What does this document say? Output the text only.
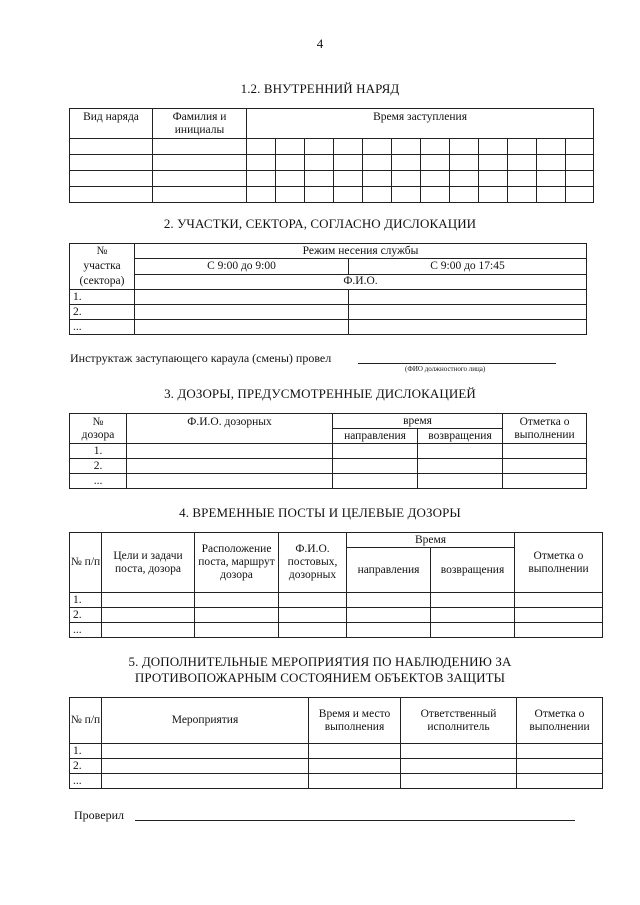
4
1.2. ВНУТРЕННИЙ НАРЯД
Вид наряда	Фамилия и инициалы	Время заступления											

2. УЧАСТКИ, СЕКТОРА, СОГЛАСНО ДИСЛОКАЦИИ
№
участка
(сектора)	Режим несения службы	
	С 9:00 до 9:00	С 9:00 до 17:45
	Ф.И.О.	
1.		
2.		
...		
Инструктаж заступающего караула (смены) провел
(ФИО должностного лица)
3. ДОЗОРЫ, ПРЕДУСМОТРЕННЫЕ ДИСЛОКАЦИЕЙ
№
дозора	Ф.И.О. дозорных	время		Отметка о выполнении
		направления	возвращения	
1.				
2.				
...				
4. ВРЕМЕННЫЕ ПОСТЫ И ЦЕЛЕВЫЕ ДОЗОРЫ
№ п/п	Цели и задачи поста, дозора	Расположение поста, маршрут дозора	Ф.И.О. постовых, дозорных	Время		Отметка о выполнении
				направления	возвращения	
1.						
2.						
...						
5. ДОПОЛНИТЕЛЬНЫЕ МЕРОПРИЯТИЯ ПО НАБЛЮДЕНИЮ ЗА
ПРОТИВОПОЖАРНЫМ СОСТОЯНИЕМ ОБЪЕКТОВ ЗАЩИТЫ
№ п/п	Мероприятия	Время и место выполнения	Ответственный исполнитель	Отметка о выполнении
1.				
2.				
...				
Проверил
